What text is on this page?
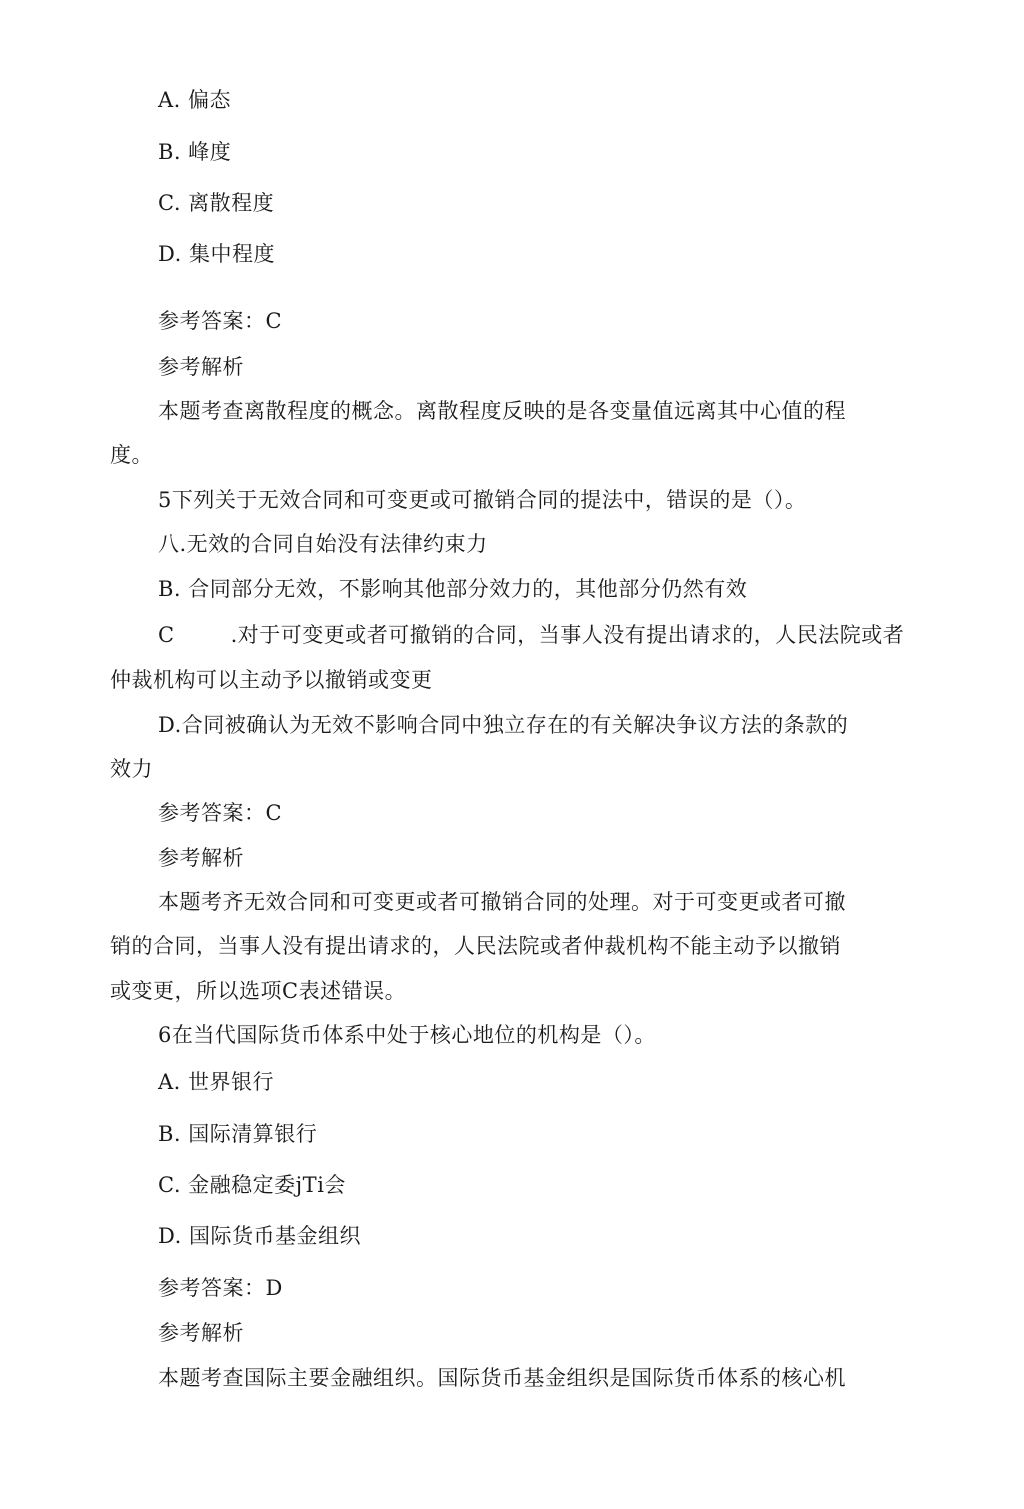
A. 偏态
B. 峰度
C. 离散程度
D. 集中程度
参考答案：C
参考解析
本题考查离散程度的概念。离散程度反映的是各变量值远离其中心值的程
度。
5下列关于无效合同和可变更或可撤销合同的提法中，错误的是（）。
八.无效的合同自始没有法律约束力
B. 合同部分无效，不影响其他部分效力的，其他部分仍然有效
C	.对于可变更或者可撤销的合同，当事人没有提出请求的，人民法院或者
仲裁机构可以主动予以撤销或变更
D.合同被确认为无效不影响合同中独立存在的有关解决争议方法的条款的
效力
参考答案：C
参考解析
本题考齐无效合同和可变更或者可撤销合同的处理。对于可变更或者可撤
销的合同，当事人没有提出请求的，人民法院或者仲裁机构不能主动予以撤销
或变更，所以选项C表述错误。
6在当代国际货币体系中处于核心地位的机构是（）。
A. 世界银行
B. 国际清算银行
C. 金融稳定委jTi会
D. 国际货币基金组织
参考答案：D
参考解析
本题考查国际主要金融组织。国际货币基金组织是国际货币体系的核心机
